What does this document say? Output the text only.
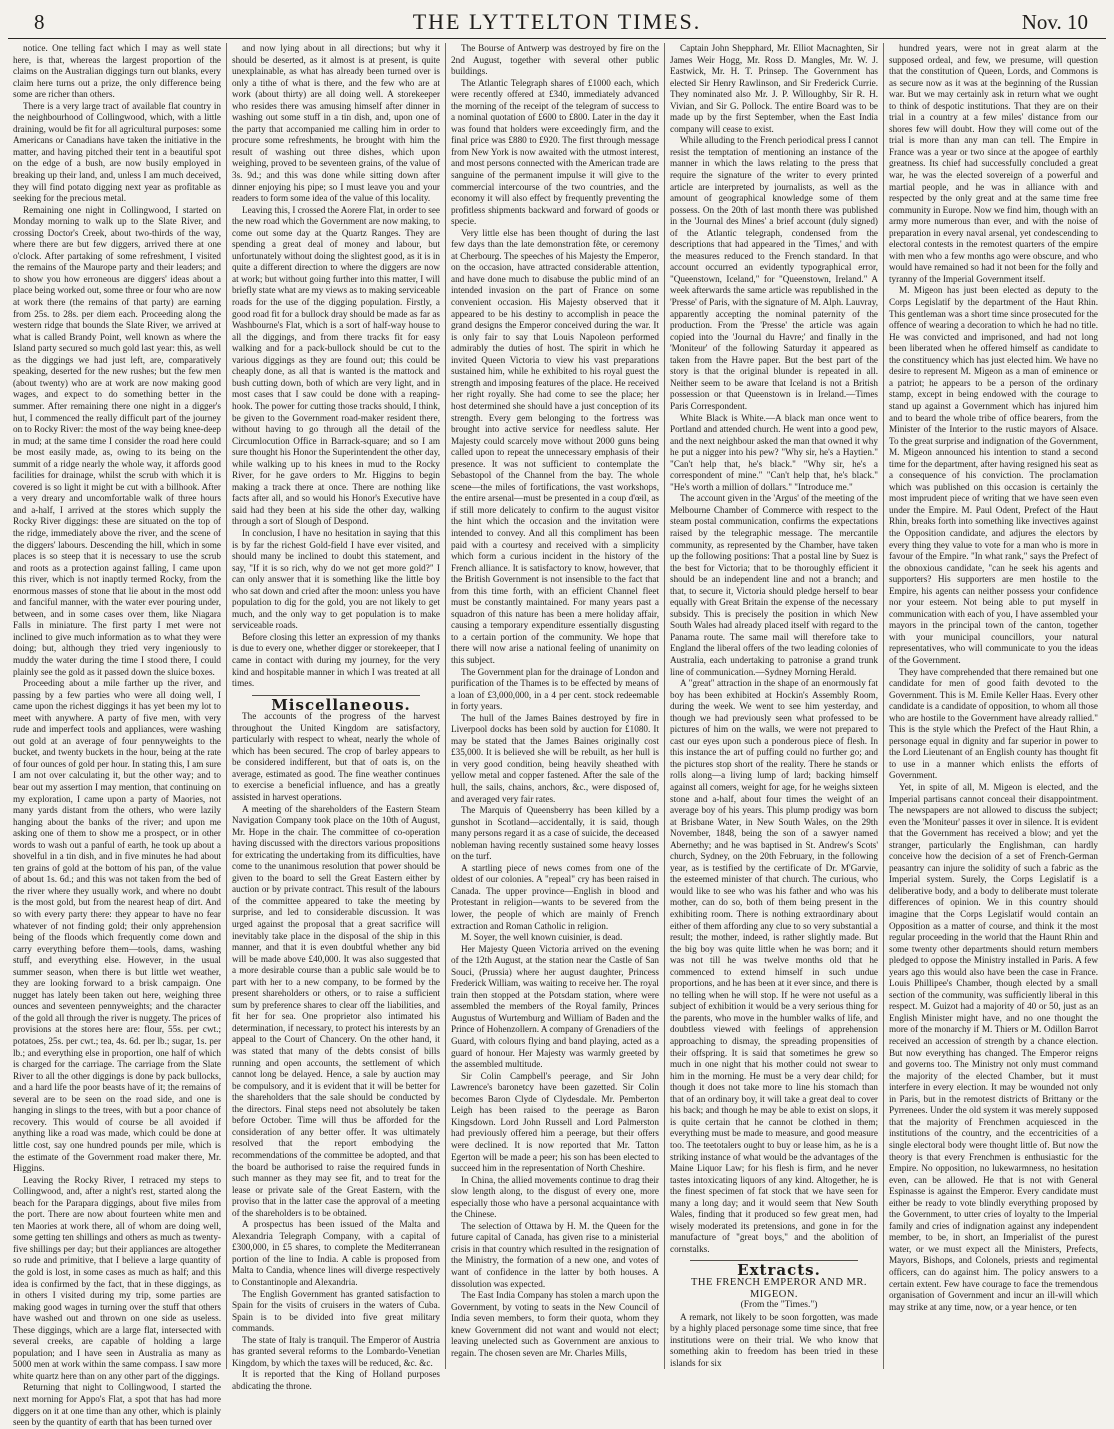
8	THE LYTTELTON TIMES.	Nov. 10

notice. One telling fact which I may as well state here, is that, whereas the largest proportion of the claims on the Australian diggings turn out blanks, every claim here turns out a prize, the only difference being some are richer than others.

There is a very large tract of available flat country in the neighbourhood of Collingwood, which, with a little draining, would be fit for all agricultural purposes: some Americans or Canadians have taken the initiative in the matter, and having pitched their tent in a beautiful spot on the edge of a bush, are now busily employed in breaking up their land, and, unless I am much deceived, they will find potato digging next year as profitable as seeking for the precious metal.

Remaining one night in Collingwood, I started on Monday morning to walk up to the Slate River, and crossing Doctor's Creek, about two-thirds of the way, where there are but few diggers, arrived there at one o'clock. After partaking of some refreshment, I visited the remains of the Maurope party and their leaders; and to show you how erroneous are diggers' ideas about a place being worked out, some three or four who are now at work there (the remains of that party) are earning from 25s. to 28s. per diem each. Proceeding along the western ridge that bounds the Slate River, we arrived at what is called Brandy Point, well known as where the Island party secured so much gold last year: this, as well as the diggings we had just left, are, comparatively speaking, deserted for the new rushes; but the few men (about twenty) who are at work are now making good wages, and expect to do something better in the summer. After remaining there one night in a digger's hut, I commenced the really difficult part of the journey on to Rocky River: the most of the way being knee-deep in mud; at the same time I consider the road here could be most easily made, as, owing to its being on the summit of a ridge nearly the whole way, it affords good facilities for drainage, whilst the scrub with which it is covered is so light it might be cut with a billhook. After a very dreary and uncomfortable walk of three hours and a-half, I arrived at the stores which supply the Rocky River diggings: these are situated on the top of the ridge, immediately above the river, and the scene of the diggers' labours. Descending the hill, which in some places is so steep that it is necessary to use the scrub and roots as a protection against falling, I came upon this river, which is not inaptly termed Rocky, from the enormous masses of stone that lie about in the most odd and fanciful manner, with the water ever pouring under, between, and in some cases over them, like Niagara Falls in miniature. The first party I met were not inclined to give much information as to what they were doing; but, although they tried very ingeniously to muddy the water during the time I stood there, I could plainly see the gold as it passed down the sluice boxes.

Proceeding about a mile farther up the river, and passing by a few parties who were all doing well, I came upon the richest diggings it has yet been my lot to meet with anywhere. A party of five men, with very rude and imperfect tools and appliances, were washing out gold at an average of four pennyweights to the bucket, and twenty buckets in the hour, being at the rate of four ounces of gold per hour. In stating this, I am sure I am not over calculating it, but the other way; and to bear out my assertion I may mention, that continuing on my exploration, I came upon a party of Maories, not many yards distant from the others, who were lazily hanging about the banks of the river; and upon me asking one of them to show me a prospect, or in other words to wash out a panful of earth, he took up about a shovelful in a tin dish, and in five minutes he had about ten grains of gold at the bottom of his pan, of the value of about 1s. 6d.; and this was not taken from the bed of the river where they usually work, and where no doubt is the most gold, but from the nearest heap of dirt. And so with every party there: they appear to have no fear whatever of not finding gold; their only apprehension being of the floods which frequently come down and carry everything before them—tools, dams, washing stuff, and everything else. However, in the usual summer season, when there is but little wet weather, they are looking forward to a brisk campaign. One nugget has lately been taken out here, weighing three ounces and seventeen pennyweights; and the character of the gold all through the river is nuggety. The prices of provisions at the stores here are: flour, 55s. per cwt.; potatoes, 25s. per cwt.; tea, 4s. 6d. per lb.; sugar, 1s. per lb.; and everything else in proportion, one half of which is charged for the carriage. The carriage from the Slate River to all the other diggings is done by pack bullocks, and a hard life the poor beasts have of it; the remains of several are to be seen on the road side, and one is hanging in slings to the trees, with but a poor chance of recovery. This would of course be all avoided if anything like a road was made, which could be done at little cost, say one hundred pounds per mile, which is the estimate of the Government road maker there, Mr. Higgins.

Leaving the Rocky River, I retraced my steps to Collingwood, and, after a night's rest, started along the beach for the Parapara diggings, about five miles from the port. There are now about fourteen white men and ten Maories at work there, all of whom are doing well, some getting ten shillings and others as much as twenty-five shillings per day; but their appliances are altogether so rude and primitive, that I believe a large quantity of the gold is lost, in some cases as much as half; and this idea is confirmed by the fact, that in these diggings, as in others I visited during my trip, some parties are making good wages in turning over the stuff that others have washed out and thrown on one side as useless. These diggings, which are a large flat, intersected with several creeks, are capable of holding a large population; and I have seen in Australia as many as 5000 men at work within the same compass. I saw more white quartz here than on any other part of the diggings.

Returning that night to Collingwood, I started the next morning for Appo's Flat, a spot that has had more diggers on it at one time than any other, which is plainly seen by the quantity of earth that has been turned over

and now lying about in all directions; but why it should be deserted, as it almost is at present, is quite unexplainable, as what has already been turned over is only a tithe of what is there, and the few who are at work (about thirty) are all doing well. A storekeeper who resides there was amusing himself after dinner in washing out some stuff in a tin dish, and, upon one of the party that accompanied me calling him in order to procure some refreshments, he brought with him the result of washing out three dishes, which upon weighing, proved to be seventeen grains, of the value of 3s. 9d.; and this was done while sitting down after dinner enjoying his pipe; so I must leave you and your readers to form some idea of the value of this locality.

Leaving this, I crossed the Aorere Flat, in order to see the new road which the Government are now making, to come out some day at the Quartz Ranges. They are spending a great deal of money and labour, but unfortunately without doing the slightest good, as it is in quite a different direction to where the diggers are now at work; but without going further into this matter, I will briefly state what are my views as to making serviceable roads for the use of the digging population. Firstly, a good road fit for a bullock dray should be made as far as Washbourne's Flat, which is a sort of half-way house to all the diggings, and from there tracks fit for easy walking and for a pack-bullock should be cut to the various diggings as they are found out; this could be cheaply done, as all that is wanted is the mattock and bush cutting down, both of which are very light, and in most cases that I saw could be done with a reaping-hook. The power for cutting those tracks should, I think, be given to the Government road-maker resident there, without having to go through all the detail of the Circumlocution Office in Barrack-square; and so I am sure thought his Honor the Superintendent the other day, while walking up to his knees in mud to the Rocky River, for he gave orders to Mr. Higgins to begin making a track there at once. There are nothing like facts after all, and so would his Honor's Executive have said had they been at his side the other day, walking through a sort of Slough of Despond.

In conclusion, I have no hesitation in saying that this is by far the richest Gold-field I have ever visited, and should many be inclined to doubt this statement, and say, "If it is so rich, why do we not get more gold?" I can only answer that it is something like the little boy who sat down and cried after the moon: unless you have population to dig for the gold, you are not likely to get much, and the only way to get population is to make serviceable roads.

Before closing this letter an expression of my thanks is due to every one, whether digger or storekeeper, that I came in contact with during my journey, for the very kind and hospitable manner in which I was treated at all times.

Miscellaneous.

The accounts of the progress of the harvest throughout the United Kingdom are satisfactory, particularly with respect to wheat, nearly the whole of which has been secured. The crop of barley appears to be considered indifferent, but that of oats is, on the average, estimated as good. The fine weather continues to exercise a beneficial influence, and has a greatly assisted in harvest operations.

A meeting of the shareholders of the Eastern Steam Navigation Company took place on the 10th of August, Mr. Hope in the chair. The committee of co-operation having discussed with the directors various propositions for extricating the undertaking from its difficulties, have come to the unanimous resolution that power should be given to the board to sell the Great Eastern either by auction or by private contract. This result of the labours of the committee appeared to take the meeting by surprise, and led to considerable discussion. It was urged against the proposal that a great sacrifice will inevitably take place in the disposal of the ship in this manner, and that it is even doubtful whether any bid will be made above £40,000. It was also suggested that a more desirable course than a public sale would be to part with her to a new company, to be formed by the present shareholders or others, or to raise a sufficient sum by preference shares to clear off the liabilities, and fit her for sea. One proprietor also intimated his determination, if necessary, to protect his interests by an appeal to the Court of Chancery. On the other hand, it was stated that many of the debts consist of bills running and open accounts, the settlement of which cannot long be delayed. Hence, a sale by auction may be compulsory, and it is evident that it will be better for the shareholders that the sale should be conducted by the directors. Final steps need not absolutely be taken before October. Time will thus be afforded for the consideration of any better offer. It was ultimately resolved that the report embodying the recommendations of the committee be adopted, and that the board be authorised to raise the required funds in such manner as they may see fit, and to treat for the lease or private sale of the Great Eastern, with the proviso that in the latter case the approval of a meeting of the shareholders is to be obtained.

A prospectus has been issued of the Malta and Alexandria Telegraph Company, with a capital of £300,000, in £5 shares, to complete the Mediterranean portion of the line to India. A cable is proposed from Malta to Candia, whence lines will diverge respectively to Constantinople and Alexandria.

The English Government has granted satisfaction to Spain for the visits of cruisers in the waters of Cuba. Spain is to be divided into five great military commands.

The state of Italy is tranquil. The Emperor of Austria has granted several reforms to the Lombardo-Venetian Kingdom, by which the taxes will be reduced, &c. &c.

It is reported that the King of Holland purposes abdicating the throne.

The Bourse of Antwerp was destroyed by fire on the 2nd August, together with several other public buildings.

The Atlantic Telegraph shares of £1000 each, which were recently offered at £340, immediately advanced the morning of the receipt of the telegram of success to a nominal quotation of £600 to £800. Later in the day it was found that holders were exceedingly firm, and the final price was £880 to £920. The first through message from New York is now awaited with the utmost interest, and most persons connected with the American trade are sanguine of the permanent impulse it will give to the commercial intercourse of the two countries, and the economy it will also effect by frequently preventing the profitless shipments backward and forward of goods or specie.

Very little else has been thought of during the last few days than the late demonstration fête, or ceremony at Cherbourg. The speeches of his Majesty the Emperor, on the occasion, have attracted considerable attention, and have done much to disabuse the public mind of an intended invasion on the part of France on some convenient occasion. His Majesty observed that it appeared to be his destiny to accomplish in peace the grand designs the Emperor conceived during the war. It is only fair to say that Louis Napoleon performed admirably the duties of host. The spirit in which he invited Queen Victoria to view his vast preparations sustained him, while he exhibited to his royal guest the strength and imposing features of the place. He received her right royally. She had come to see the place; her host determined she should have a just conception of its strength. Every gem belonging to the fortress was brought into active service for needless salute. Her Majesty could scarcely move without 2000 guns being called upon to repeat the unnecessary emphasis of their presence. It was not sufficient to contemplate the Sebastopol of the Channel from the bay. The whole scene—the miles of fortifications, the vast workshops, the entire arsenal—must be presented in a coup d'œil, as if still more delicately to confirm to the august visitor the hint which the occasion and the invitation were intended to convey. And all this compliment has been paid with a courtesy and received with a simplicity which form a curious incident in the history of the French alliance. It is satisfactory to know, however, that the British Government is not insensible to the fact that from this time forth, with an efficient Channel fleet must be constantly maintained. For many years past a squadron of this nature has been a mere holiday affair, causing a temporary expenditure essentially disgusting to a certain portion of the community. We hope that there will now arise a national feeling of unanimity on this subject.

The Government plan for the drainage of London and purification of the Thames is to be effected by means of a loan of £3,000,000, in a 4 per cent. stock redeemable in forty years.

The hull of the James Baines destroyed by fire in Liverpool docks has been sold by auction for £1080. It may be stated that the James Baines originally cost £35,000. It is believed she will be rebuilt, as her hull is in very good condition, being heavily sheathed with yellow metal and copper fastened. After the sale of the hull, the sails, chains, anchors, &c., were disposed of, and averaged very fair rates.

The Marquis of Queensberry has been killed by a gunshot in Scotland—accidentally, it is said, though many persons regard it as a case of suicide, the deceased nobleman having recently sustained some heavy losses on the turf.

A startling piece of news comes from one of the oldest of our colonies. A "repeal" cry has been raised in Canada. The upper province—English in blood and Protestant in religion—wants to be severed from the lower, the people of which are mainly of French extraction and Roman Catholic in religion.

M. Soyer, the well known cuisinier, is dead.

Her Majesty Queen Victoria arrived on the evening of the 12th August, at the station near the Castle of San Souci, (Prussia) where her august daughter, Princess Frederick William, was waiting to receive her. The royal train then stopped at the Potsdam station, where were assembled the members of the Royal family, Princes Augustus of Wurtemburg and William of Baden and the Prince of Hohenzollern. A company of Grenadiers of the Guard, with colours flying and band playing, acted as a guard of honour. Her Majesty was warmly greeted by the assembled multitude.

Sir Colin Campbell's peerage, and Sir John Lawrence's baronetcy have been gazetted. Sir Colin becomes Baron Clyde of Clydesdale. Mr. Pemberton Leigh has been raised to the peerage as Baron Kingsdown. Lord John Russell and Lord Palmerston had previously offered him a peerage, but their offers were declined. It is now reported that Mr. Tatton Egerton will be made a peer; his son has been elected to succeed him in the representation of North Cheshire.

In China, the allied movements continue to drag their slow length along, to the disgust of every one, more especially those who have a personal acquaintance with the Chinese.

The selection of Ottawa by H. M. the Queen for the future capital of Canada, has given rise to a ministerial crisis in that country which resulted in the resignation of the Ministry, the formation of a new one, and votes of want of confidence in the latter by both houses. A dissolution was expected.

The East India Company has stolen a march upon the Government, by voting to seats in the New Council of India seven members, to form their quota, whom they knew Government did not want and would not elect; leaving unelected such as Government are anxious to regain. The chosen seven are Mr. Charles Mills,

Captain John Shepphard, Mr. Elliot Macnaghten, Sir James Weir Hogg, Mr. Ross D. Mangles, Mr. W. J. Eastwick, Mr. H. T. Prinsep. The Government has elected Sir Henry Rawlinson, and Sir Frederick Currie. They nominated also Mr. J. P. Willoughby, Sir R. H. Vivian, and Sir G. Pollock. The entire Board was to be made up by the first September, when the East India company will cease to exist.

While alluding to the French periodical press I cannot resist the temptation of mentioning an instance of the manner in which the laws relating to the press that require the signature of the writer to every printed article are interpreted by journalists, as well as the amount of geographical knowledge some of them possess. On the 20th of last month there was published in the 'Journal des Mines' a brief account (duly signed) of the Atlantic telegraph, condensed from the descriptions that had appeared in the 'Times,' and with the measures reduced to the French standard. In that account occurred an evidently typographical error, "Queenstown, Iceland," for "Queenstown, Ireland." A week afterwards the same article was republished in the 'Presse' of Paris, with the signature of M. Alph. Lauvray, apparently accepting the nominal paternity of the production. From the 'Presse' the article was again copied into the 'Journal du Havre;' and finally in the 'Moniteur' of the following Saturday it appeared as taken from the Havre paper. But the best part of the story is that the original blunder is repeated in all. Neither seem to be aware that Iceland is not a British possession or that Queenstown is in Ireland.—Times Paris Correspondent.

White Black is White.—A black man once went to Portland and attended church. He went into a good pew, and the next neighbour asked the man that owned it why he put a nigger into his pew? "Why sir, he's a Haytien." "Can't help that, he's black." "Why sir, he's a correspondent of mine." "Can't help that, he's black." "He's worth a million of dollars." "Introduce me."

The account given in the 'Argus' of the meeting of the Melbourne Chamber of Commerce with respect to the steam postal communication, confirms the expectations raised by the telegraphic message. The mercantile community, as represented by the Chamber, have taken up the following positions: That a postal line by Suez is the best for Victoria; that to be thoroughly efficient it should be an independent line and not a branch; and that, to secure it, Victoria should pledge herself to bear equally with Great Britain the expense of the necessary subsidy. This is precisely the position in which New South Wales had already placed itself with regard to the Panama route. The same mail will therefore take to England the liberal offers of the two leading colonies of Australia, each undertaking to patronise a grand trunk line of communication.—Sydney Morning Herald.

A "great" attraction in the shape of an enormously fat boy has been exhibited at Hockin's Assembly Room, during the week. We went to see him yesterday, and though we had previously seen what professed to be pictures of him on the walls, we were not prepared to cast our eyes upon such a ponderous piece of flesh. In this instance the art of puffing could no further go; and the pictures stop short of the reality. There he stands or rolls along—a living lump of lard; backing himself against all comers, weight for age, for he weighs sixteen stone and a-half, about four times the weight of an average boy of his years. This plump prodigy was born at Brisbane Water, in New South Wales, on the 29th November, 1848, being the son of a sawyer named Abernethy; and he was baptised in St. Andrew's Scots' church, Sydney, on the 20th February, in the following year, as is testified by the certificate of Dr. M'Garvie, the esteemed minister of that church. The curious, who would like to see who was his father and who was his mother, can do so, both of them being present in the exhibiting room. There is nothing extraordinary about either of them affording any clue to so very substantial a result; the mother, indeed, is rather slightly made. But the big boy was quite little when he was born; and it was not till he was twelve months old that he commenced to extend himself in such undue proportions, and he has been at it ever since, and there is no telling when he will stop. If he were not useful as a subject of exhibition it would be a very serious thing for the parents, who move in the humbler walks of life, and doubtless viewed with feelings of apprehension approaching to dismay, the spreading propensities of their offspring. It is said that sometimes he grew so much in one night that his mother could not swear to him in the morning. He must be a very dear child; for though it does not take more to line his stomach than that of an ordinary boy, it will take a great deal to cover his back; and though he may be able to exist on slops, it is quite certain that he cannot be clothed in them; everything must be made to measure, and good measure too. The teetotalers ought to buy or lease him, as he is a striking instance of what would be the advantages of the Maine Liquor Law; for his flesh is firm, and he never tastes intoxicating liquors of any kind. Altogether, he is the finest specimen of fat stock that we have seen for many a long day; and it would seem that New South Wales, finding that it produced so few great men, had wisely moderated its pretensions, and gone in for the manufacture of "great boys," and the abolition of cornstalks.

Extracts.

THE FRENCH EMPEROR AND MR. MIGEON.

(From the "Times.")

A remark, not likely to be soon forgotten, was made by a highly placed personage some time since, that free institutions were on their trial. We who know that something akin to freedom has been tried in these islands for six

hundred years, were not in great alarm at the supposed ordeal, and few, we presume, will question that the constitution of Queen, Lords, and Commons is as secure now as it was at the beginning of the Russian war. But we may certainly ask in return what we ought to think of despotic institutions. That they are on their trial in a country at a few miles' distance from our shores few will doubt. How they will come out of the trial is more than any man can tell. The Empire in France was a year or two since at the apogee of earthly greatness. Its chief had successfully concluded a great war, he was the elected sovereign of a powerful and martial people, and he was in alliance with and respected by the only great and at the same time free community in Europe. Now we find him, though with an army more numerous than ever, and with the noise of preparation in every naval arsenal, yet condescending to electoral contests in the remotest quarters of the empire with men who a few months ago were obscure, and who would have remained so had it not been for the folly and tyranny of the Imperial Government itself.

M. Migeon has just been elected as deputy to the Corps Legislatif by the department of the Haut Rhin. This gentleman was a short time since prosecuted for the offence of wearing a decoration to which he had no title. He was convicted and imprisoned, and had not long been liberated when he offered himself as candidate to the constituency which has just elected him. We have no desire to represent M. Migeon as a man of eminence or a patriot; he appears to be a person of the ordinary stamp, except in being endowed with the courage to stand up against a Government which has injured him and to beard the whole tribe of office bearers, from the Minister of the Interior to the rustic mayors of Alsace. To the great surprise and indignation of the Government, M. Migeon announced his intention to stand a second time for the department, after having resigned his seat as a consequence of his conviction. The proclamation which was published on this occasion is certainly the most imprudent piece of writing that we have seen even under the Empire. M. Paul Odent, Prefect of the Haut Rhin, breaks forth into something like invectives against the Opposition candidate, and adjures the electors by every thing they value to vote for a man who is more in favour of the Empire. "In what rank," says the Prefect of the obnoxious candidate, "can he seek his agents and supporters? His supporters are men hostile to the Empire, his agents can neither possess your confidence nor your esteem. Not being able to put myself in communication with each of you, I have assembled your mayors in the principal town of the canton, together with your municipal councillors, your natural representatives, who will communicate to you the ideas of the Government.

They have comprehended that there remained but one candidate for men of good faith devoted to the Government. This is M. Emile Keller Haas. Every other candidate is a candidate of opposition, to whom all those who are hostile to the Government have already rallied." This is the style which the Prefect of the Haut Rhin, a personage equal in dignity and far superior in power to the Lord Lieutenant of an English county has thought fit to use in a manner which enlists the efforts of Government.

Yet, in spite of all, M. Migeon is elected, and the Imperial partisans cannot conceal their disappointment. The newspapers are not allowed to discuss the subject; even the 'Moniteur' passes it over in silence. It is evident that the Government has received a blow; and yet the stranger, particularly the Englishman, can hardly conceive how the decision of a set of French-German peasantry can injure the solidity of such a fabric as the Imperial system. Surely, the Corps Legislatif is a deliberative body, and a body to deliberate must tolerate differences of opinion. We in this country should imagine that the Corps Legislatif would contain an Opposition as a matter of course, and think it the most regular proceeding in the world that the Haunt Rhin and some twenty other departments should return members pledged to oppose the Ministry installed in Paris. A few years ago this would also have been the case in France. Louis Phillipee's Chamber, though elected by a small section of the community, was sufficiently liberal in this respect. M. Guizot had a majority of 40 or 50, just as an English Minister might have, and no one thought the more of the monarchy if M. Thiers or M. Odillon Barrot received an accession of strength by a chance election. But now everything has changed. The Emperor reigns and governs too. The Ministry not only must command the majority of the elected Chamber, but it must interfere in every election. It may be wounded not only in Paris, but in the remotest districts of Brittany or the Pyrrenees. Under the old system it was merely supposed that the majority of Frenchmen acquiesced in the institutions of the country, and the eccentricities of a single electoral body were thought little of. But now the theory is that every Frenchmen is enthusiastic for the Empire. No opposition, no lukewarmness, no hesitation even, can be allowed. He that is not with General Espinasse is against the Emperor. Every candidate must either be ready to vote blindly everything proposed by the Government, to utter cries of loyalty to the Imperial family and cries of indignation against any independent member, to be, in short, an Imperialist of the purest water, or we must expect all the Ministers, Prefects, Mayors, Bishops, and Colonels, priests and regimental officers, can do against him. The policy answers to a certain extent. Few have courage to face the tremendous organisation of Government and incur an ill-will which may strike at any time, now, or a year hence, or ten
